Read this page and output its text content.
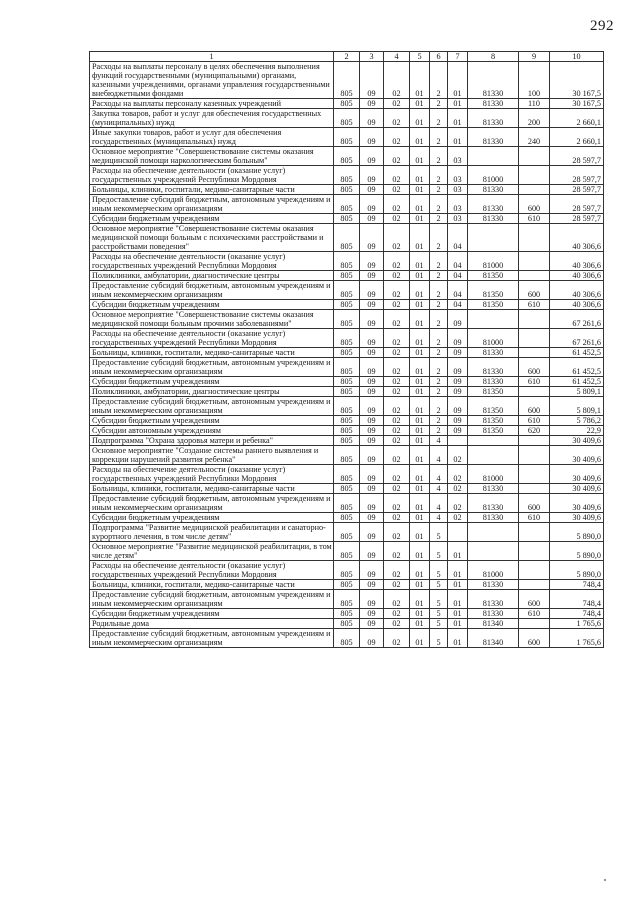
292
1	2	3	4	5	6	7	8	9	10
Расходы на выплаты персоналу в целях обеспечения выполнения функций государственными (муниципальными) органами, казенными учреждениями, органами управления государственными внебюджетными фондами	805	09	02	01	2	01	81330	100	30 167,5
Расходы на выплаты персоналу казенных учреждений	805	09	02	01	2	01	81330	110	30 167,5
Закупка товаров, работ и услуг для обеспечения государственных (муниципальных) нужд	805	09	02	01	2	01	81330	200	2 660,1
Иные закупки товаров, работ и услуг для обеспечения государственных (муниципальных) нужд	805	09	02	01	2	01	81330	240	2 660,1
Основное мероприятие "Совершенствование системы оказания медицинской помощи наркологическим больным"	805	09	02	01	2	03			28 597,7
Расходы на обеспечение деятельности (оказание услуг) государственных учреждений Республики Мордовия	805	09	02	01	2	03	81000		28 597,7
Больницы, клиники, госпитали, медико-санитарные части	805	09	02	01	2	03	81330		28 597,7
Предоставление субсидий бюджетным, автономным учреждениям и иным некоммерческим организациям	805	09	02	01	2	03	81330	600	28 597,7
Субсидии бюджетным учреждениям	805	09	02	01	2	03	81330	610	28 597,7
Основное мероприятие "Совершенствование системы оказания медицинской помощи больным с психическими расстройствами и расстройствами поведения"	805	09	02	01	2	04			40 306,6
Расходы на обеспечение деятельности (оказание услуг) государственных учреждений Республики Мордовия	805	09	02	01	2	04	81000		40 306,6
Поликлиники, амбулатории, диагностические центры	805	09	02	01	2	04	81350		40 306,6
Предоставление субсидий бюджетным, автономным учреждениям и иным некоммерческим организациям	805	09	02	01	2	04	81350	600	40 306,6
Субсидии бюджетным учреждениям	805	09	02	01	2	04	81350	610	40 306,6
Основное мероприятие "Совершенствование системы оказания медицинской помощи больным прочими заболеваниями"	805	09	02	01	2	09			67 261,6
Расходы на обеспечение деятельности (оказание услуг) государственных учреждений Республики Мордовия	805	09	02	01	2	09	81000		67 261,6
Больницы, клиники, госпитали, медико-санитарные части	805	09	02	01	2	09	81330		61 452,5
Предоставление субсидий бюджетным, автономным учреждениям и иным некоммерческим организациям	805	09	02	01	2	09	81330	600	61 452,5
Субсидии бюджетным учреждениям	805	09	02	01	2	09	81330	610	61 452,5
Поликлиники, амбулатории, диагностические центры	805	09	02	01	2	09	81350		5 809,1
Предоставление субсидий бюджетным, автономным учреждениям и иным некоммерческим организациям	805	09	02	01	2	09	81350	600	5 809,1
Субсидии бюджетным учреждениям	805	09	02	01	2	09	81350	610	5 786,2
Субсидии автономным учреждениям	805	09	02	01	2	09	81350	620	22,9
Подпрограмма "Охрана здоровья матери и ребенка"	805	09	02	01	4				30 409,6
Основное мероприятие "Создание системы раннего выявления и коррекции нарушений развития ребенка"	805	09	02	01	4	02			30 409,6
Расходы на обеспечение деятельности (оказание услуг) государственных учреждений Республики Мордовия	805	09	02	01	4	02	81000		30 409,6
Больницы, клиники, госпитали, медико-санитарные части	805	09	02	01	4	02	81330		30 409,6
Предоставление субсидий бюджетным, автономным учреждениям и иным некоммерческим организациям	805	09	02	01	4	02	81330	600	30 409,6
Субсидии бюджетным учреждениям	805	09	02	01	4	02	81330	610	30 409,6
Подпрограмма "Развитие медицинской реабилитации и санаторно-курортного лечения, в том числе детям"	805	09	02	01	5				5 890,0
Основное мероприятие "Развитие медицинской реабилитации, в том числе детям"	805	09	02	01	5	01			5 890,0
Расходы на обеспечение деятельности (оказание услуг) государственных учреждений Республики Мордовия	805	09	02	01	5	01	81000		5 890,0
Больницы, клиники, госпитали, медико-санитарные части	805	09	02	01	5	01	81330		748,4
Предоставление субсидий бюджетным, автономным учреждениям и иным некоммерческим организациям	805	09	02	01	5	01	81330	600	748,4
Субсидии бюджетным учреждениям	805	09	02	01	5	01	81330	610	748,4
Родильные дома	805	09	02	01	5	01	81340		1 765,6
Предоставление субсидий бюджетным, автономным учреждениям и иным некоммерческим организациям	805	09	02	01	5	01	81340	600	1 765,6
